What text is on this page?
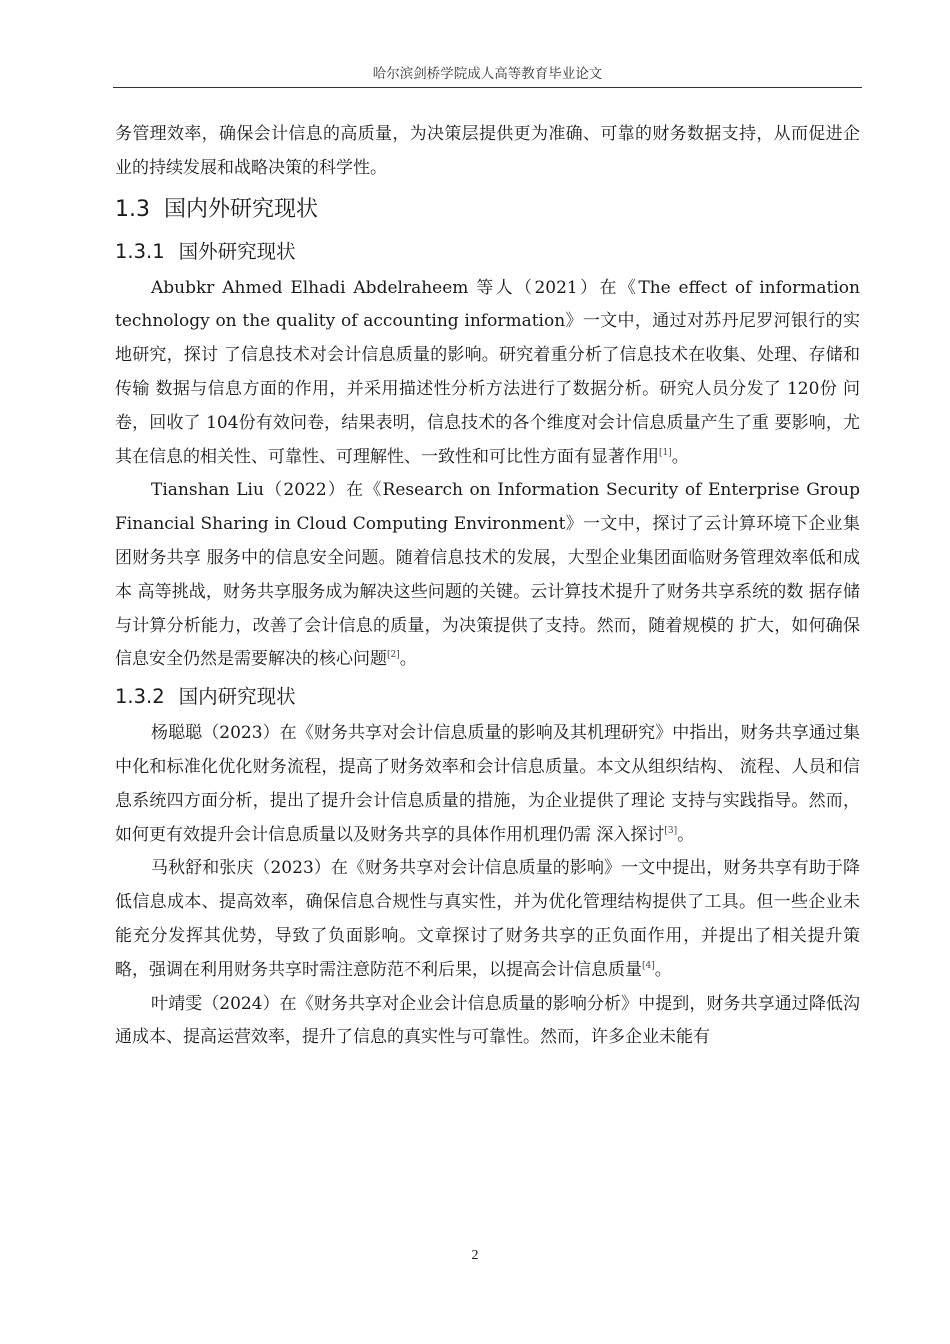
哈尔滨剑桥学院成人高等教育毕业论文

务管理效率，确保会计信息的高质量，为决策层提供更为准确、可靠的财务数据支持，从而促进企业的持续发展和战略决策的科学性。

1.3 国内外研究现状
1.3.1 国外研究现状

Abubkr Ahmed Elhadi Abdelraheem 等人（2021）在《The effect of information technology on the quality of accounting information》一文中，通过对苏丹尼罗河银行的实地研究，探讨 了信息技术对会计信息质量的影响。研究着重分析了信息技术在收集、处理、存储和传输 数据与信息方面的作用，并采用描述性分析方法进行了数据分析。研究人员分发了 120份 问卷，回收了 104份有效问卷，结果表明，信息技术的各个维度对会计信息质量产生了重 要影响，尤其在信息的相关性、可靠性、可理解性、一致性和可比性方面有显著作用[1]。

Tianshan Liu（2022）在《Research on Information Security of Enterprise Group Financial Sharing in Cloud Computing Environment》一文中，探讨了云计算环境下企业集团财务共享 服务中的信息安全问题。随着信息技术的发展，大型企业集团面临财务管理效率低和成本 高等挑战，财务共享服务成为解决这些问题的关键。云计算技术提升了财务共享系统的数 据存储与计算分析能力，改善了会计信息的质量，为决策提供了支持。然而，随着规模的 扩大，如何确保信息安全仍然是需要解决的核心问题[2]。

1.3.2 国内研究现状

杨聪聪（2023）在《财务共享对会计信息质量的影响及其机理研究》中指出，财务共享通过集中化和标准化优化财务流程，提高了财务效率和会计信息质量。本文从组织结构、 流程、人员和信息系统四方面分析，提出了提升会计信息质量的措施，为企业提供了理论 支持与实践指导。然而，如何更有效提升会计信息质量以及财务共享的具体作用机理仍需 深入探讨[3]。

马秋舒和张庆（2023）在《财务共享对会计信息质量的影响》一文中提出，财务共享有助于降低信息成本、提高效率，确保信息合规性与真实性，并为优化管理结构提供了工具。但一些企业未能充分发挥其优势，导致了负面影响。文章探讨了财务共享的正负面作用，并提出了相关提升策略，强调在利用财务共享时需注意防范不利后果，以提高会计信息质量[4]。

叶靖雯（2024）在《财务共享对企业会计信息质量的影响分析》中提到，财务共享通过降低沟通成本、提高运营效率，提升了信息的真实性与可靠性。然而，许多企业未能有

2
